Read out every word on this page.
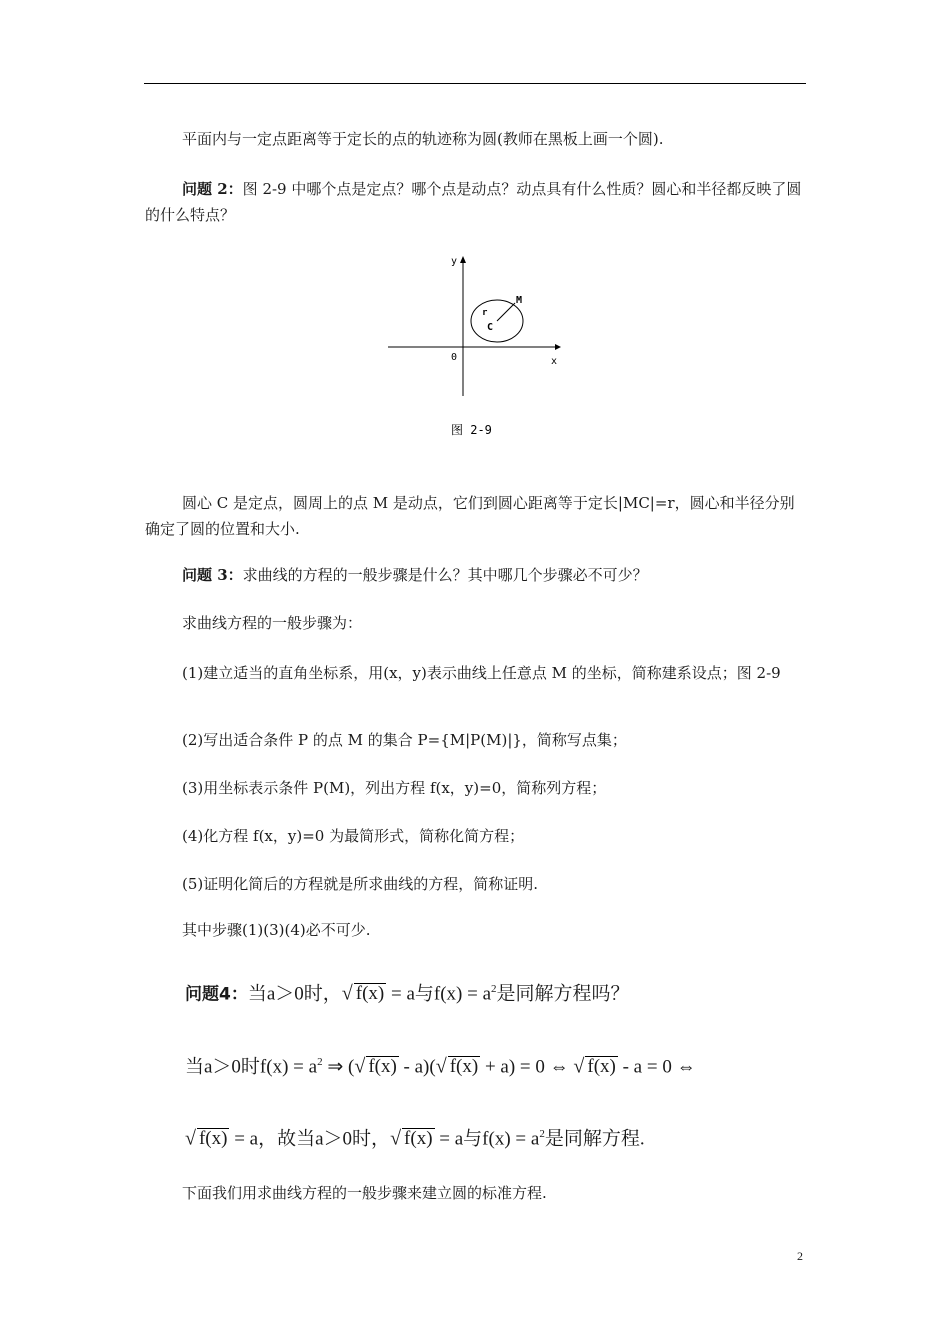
平面内与一定点距离等于定长的点的轨迹称为圆(教师在黑板上画一个圆).

问题 2：图 2-9 中哪个点是定点？哪个点是动点？动点具有什么性质？圆心和半径都反映了圆的什么特点？

y
x
0
M
r
C
图 2-9

圆心 C 是定点，圆周上的点 M 是动点，它们到圆心距离等于定长|MC|=r，圆心和半径分别确定了圆的位置和大小.

问题 3：求曲线的方程的一般步骤是什么？其中哪几个步骤必不可少？

求曲线方程的一般步骤为：

(1)建立适当的直角坐标系，用(x，y)表示曲线上任意点 M 的坐标，简称建系设点；图 2-9

(2)写出适合条件 P 的点 M 的集合 P={M|P(M)|}，简称写点集；

(3)用坐标表示条件 P(M)，列出方程 f(x，y)=0，简称列方程；

(4)化方程 f(x，y)=0 为最简形式，简称化简方程；

(5)证明化简后的方程就是所求曲线的方程，简称证明.

其中步骤(1)(3)(4)必不可少.

问题4：当a＞0时，√ f(x) = a与$f(x) = a^2$是同解方程吗？
当a＞0时$f(x) = a^2$ ⇒ (√ f(x) - a)(√ f(x) + a) = 0 ⇔ √ f(x) - a = 0 ⇔
√ f(x) = a，故当a＞0时，√ f(x) = a与$f(x) = a^2$是同解方程.

下面我们用求曲线方程的一般步骤来建立圆的标准方程.

2
